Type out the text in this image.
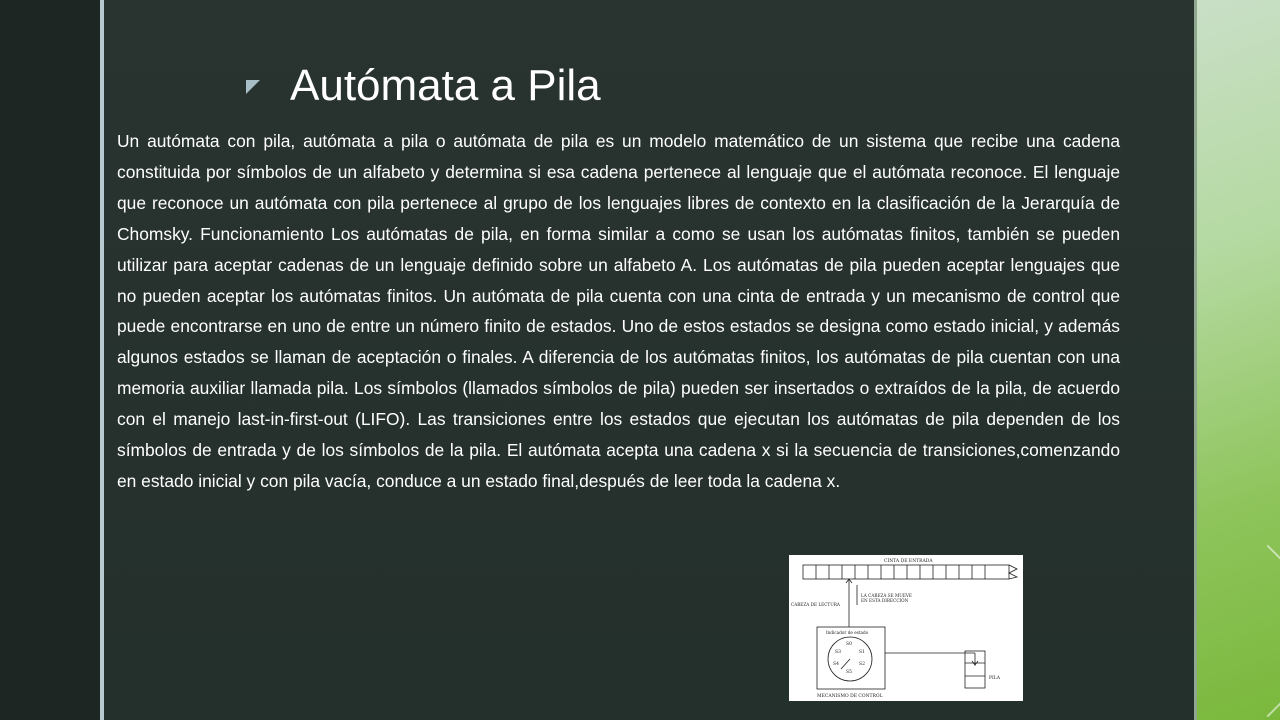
Autómata a Pila

Un autómata con pila, autómata a pila o autómata de pila es un modelo matemático de un sistema que recibe una cadena constituida por símbolos de un alfabeto y determina si esa cadena pertenece al lenguaje que el autómata reconoce. El lenguaje que reconoce un autómata con pila pertenece al grupo de los lenguajes libres de contexto en la clasificación de la Jerarquía de Chomsky. Funcionamiento Los autómatas de pila, en forma similar a como se usan los autómatas finitos, también se pueden utilizar para aceptar cadenas de un lenguaje definido sobre un alfabeto A. Los autómatas de pila pueden aceptar lenguajes que no pueden aceptar los autómatas finitos. Un autómata de pila cuenta con una cinta de entrada y un mecanismo de control que puede encontrarse en uno de entre un número finito de estados. Uno de estos estados se designa como estado inicial, y además algunos estados se llaman de aceptación o finales. A diferencia de los autómatas finitos, los autómatas de pila cuentan con una memoria auxiliar llamada pila. Los símbolos (llamados símbolos de pila) pueden ser insertados o extraídos de la pila, de acuerdo con el manejo last-in-first-out (LIFO). Las transiciones entre los estados que ejecutan los autómatas de pila dependen de los símbolos de entrada y de los símbolos de la pila. El autómata acepta una cadena x si la secuencia de transiciones,comenzando en estado inicial y con pila vacía, conduce a un estado final,después de leer toda la cadena x.

CINTA DE ENTRADA
CABEZA DE LECTURA
LA CABEZA SE MUEVE
EN ESTA DIRECCIÓN
Indicador de estado
S0
S1
S2
S3
S4
S5
MECANISMO DE CONTROL
PILA
